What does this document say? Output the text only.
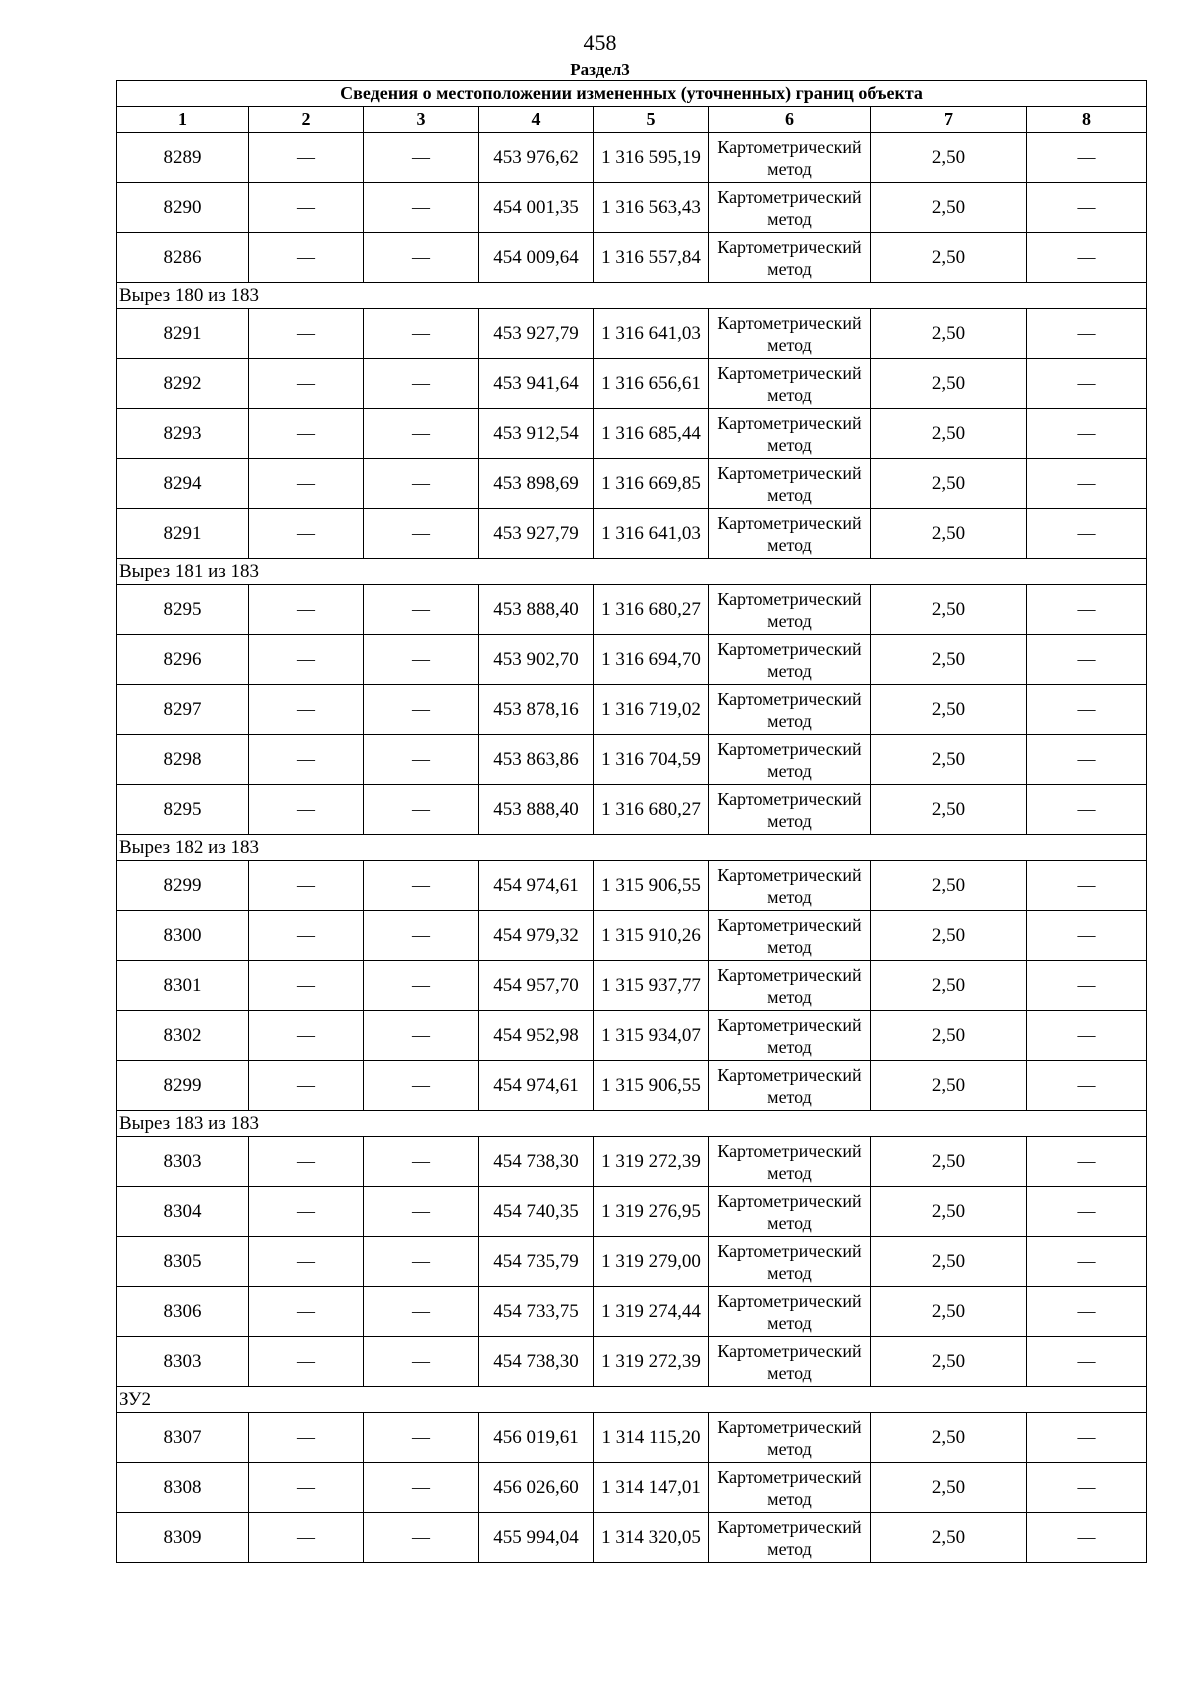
458
Раздел3
Сведения о местоположении измененных (уточненных) границ объекта							
1	2	3	4	5	6	7	8
8289	—	—	453 976,62	1 316 595,19	Картометрический метод	2,50	—
8290	—	—	454 001,35	1 316 563,43	Картометрический метод	2,50	—
8286	—	—	454 009,64	1 316 557,84	Картометрический метод	2,50	—
Вырез 180 из 183							
8291	—	—	453 927,79	1 316 641,03	Картометрический метод	2,50	—
8292	—	—	453 941,64	1 316 656,61	Картометрический метод	2,50	—
8293	—	—	453 912,54	1 316 685,44	Картометрический метод	2,50	—
8294	—	—	453 898,69	1 316 669,85	Картометрический метод	2,50	—
8291	—	—	453 927,79	1 316 641,03	Картометрический метод	2,50	—
Вырез 181 из 183							
8295	—	—	453 888,40	1 316 680,27	Картометрический метод	2,50	—
8296	—	—	453 902,70	1 316 694,70	Картометрический метод	2,50	—
8297	—	—	453 878,16	1 316 719,02	Картометрический метод	2,50	—
8298	—	—	453 863,86	1 316 704,59	Картометрический метод	2,50	—
8295	—	—	453 888,40	1 316 680,27	Картометрический метод	2,50	—
Вырез 182 из 183							
8299	—	—	454 974,61	1 315 906,55	Картометрический метод	2,50	—
8300	—	—	454 979,32	1 315 910,26	Картометрический метод	2,50	—
8301	—	—	454 957,70	1 315 937,77	Картометрический метод	2,50	—
8302	—	—	454 952,98	1 315 934,07	Картометрический метод	2,50	—
8299	—	—	454 974,61	1 315 906,55	Картометрический метод	2,50	—
Вырез 183 из 183							
8303	—	—	454 738,30	1 319 272,39	Картометрический метод	2,50	—
8304	—	—	454 740,35	1 319 276,95	Картометрический метод	2,50	—
8305	—	—	454 735,79	1 319 279,00	Картометрический метод	2,50	—
8306	—	—	454 733,75	1 319 274,44	Картометрический метод	2,50	—
8303	—	—	454 738,30	1 319 272,39	Картометрический метод	2,50	—
ЗУ2							
8307	—	—	456 019,61	1 314 115,20	Картометрический метод	2,50	—
8308	—	—	456 026,60	1 314 147,01	Картометрический метод	2,50	—
8309	—	—	455 994,04	1 314 320,05	Картометрический метод	2,50	—
